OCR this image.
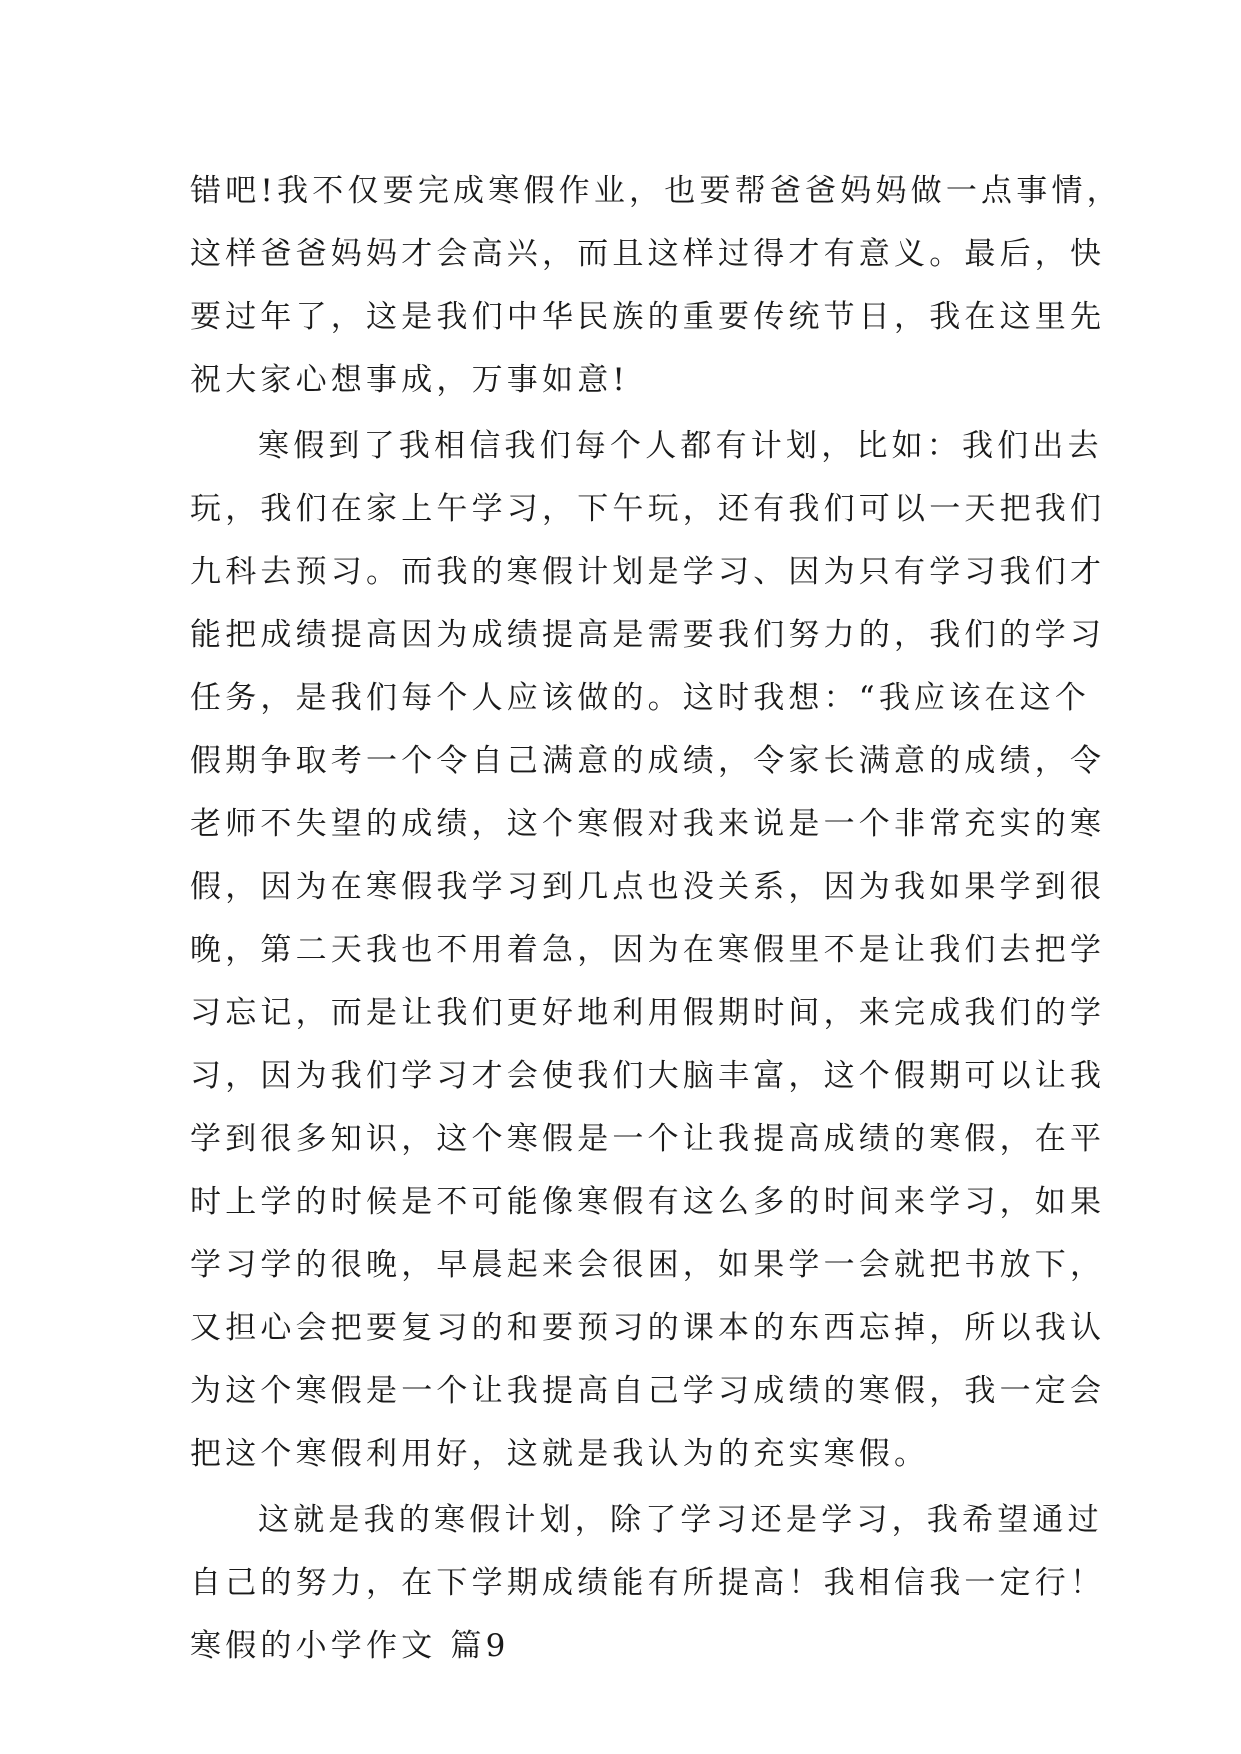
错吧!我不仅要完成寒假作业，也要帮爸爸妈妈做一点事情，
这样爸爸妈妈才会高兴，而且这样过得才有意义。最后，快
要过年了，这是我们中华民族的重要传统节日，我在这里先
祝大家心想事成，万事如意!
寒假到了我相信我们每个人都有计划，比如：我们出去
玩，我们在家上午学习，下午玩，还有我们可以一天把我们
九科去预习。而我的寒假计划是学习、因为只有学习我们才
能把成绩提高因为成绩提高是需要我们努力的，我们的学习
任务，是我们每个人应该做的。这时我想：“我应该在这个
假期争取考一个令自己满意的成绩，令家长满意的成绩，令
老师不失望的成绩，这个寒假对我来说是一个非常充实的寒
假，因为在寒假我学习到几点也没关系，因为我如果学到很
晚，第二天我也不用着急，因为在寒假里不是让我们去把学
习忘记，而是让我们更好地利用假期时间，来完成我们的学
习，因为我们学习才会使我们大脑丰富，这个假期可以让我
学到很多知识，这个寒假是一个让我提高成绩的寒假，在平
时上学的时候是不可能像寒假有这么多的时间来学习，如果
学习学的很晚，早晨起来会很困，如果学一会就把书放下，
又担心会把要复习的和要预习的课本的东西忘掉，所以我认
为这个寒假是一个让我提高自己学习成绩的寒假，我一定会
把这个寒假利用好，这就是我认为的充实寒假。
这就是我的寒假计划，除了学习还是学习，我希望通过
自己的努力，在下学期成绩能有所提高！我相信我一定行！
寒假的小学作文 篇9
